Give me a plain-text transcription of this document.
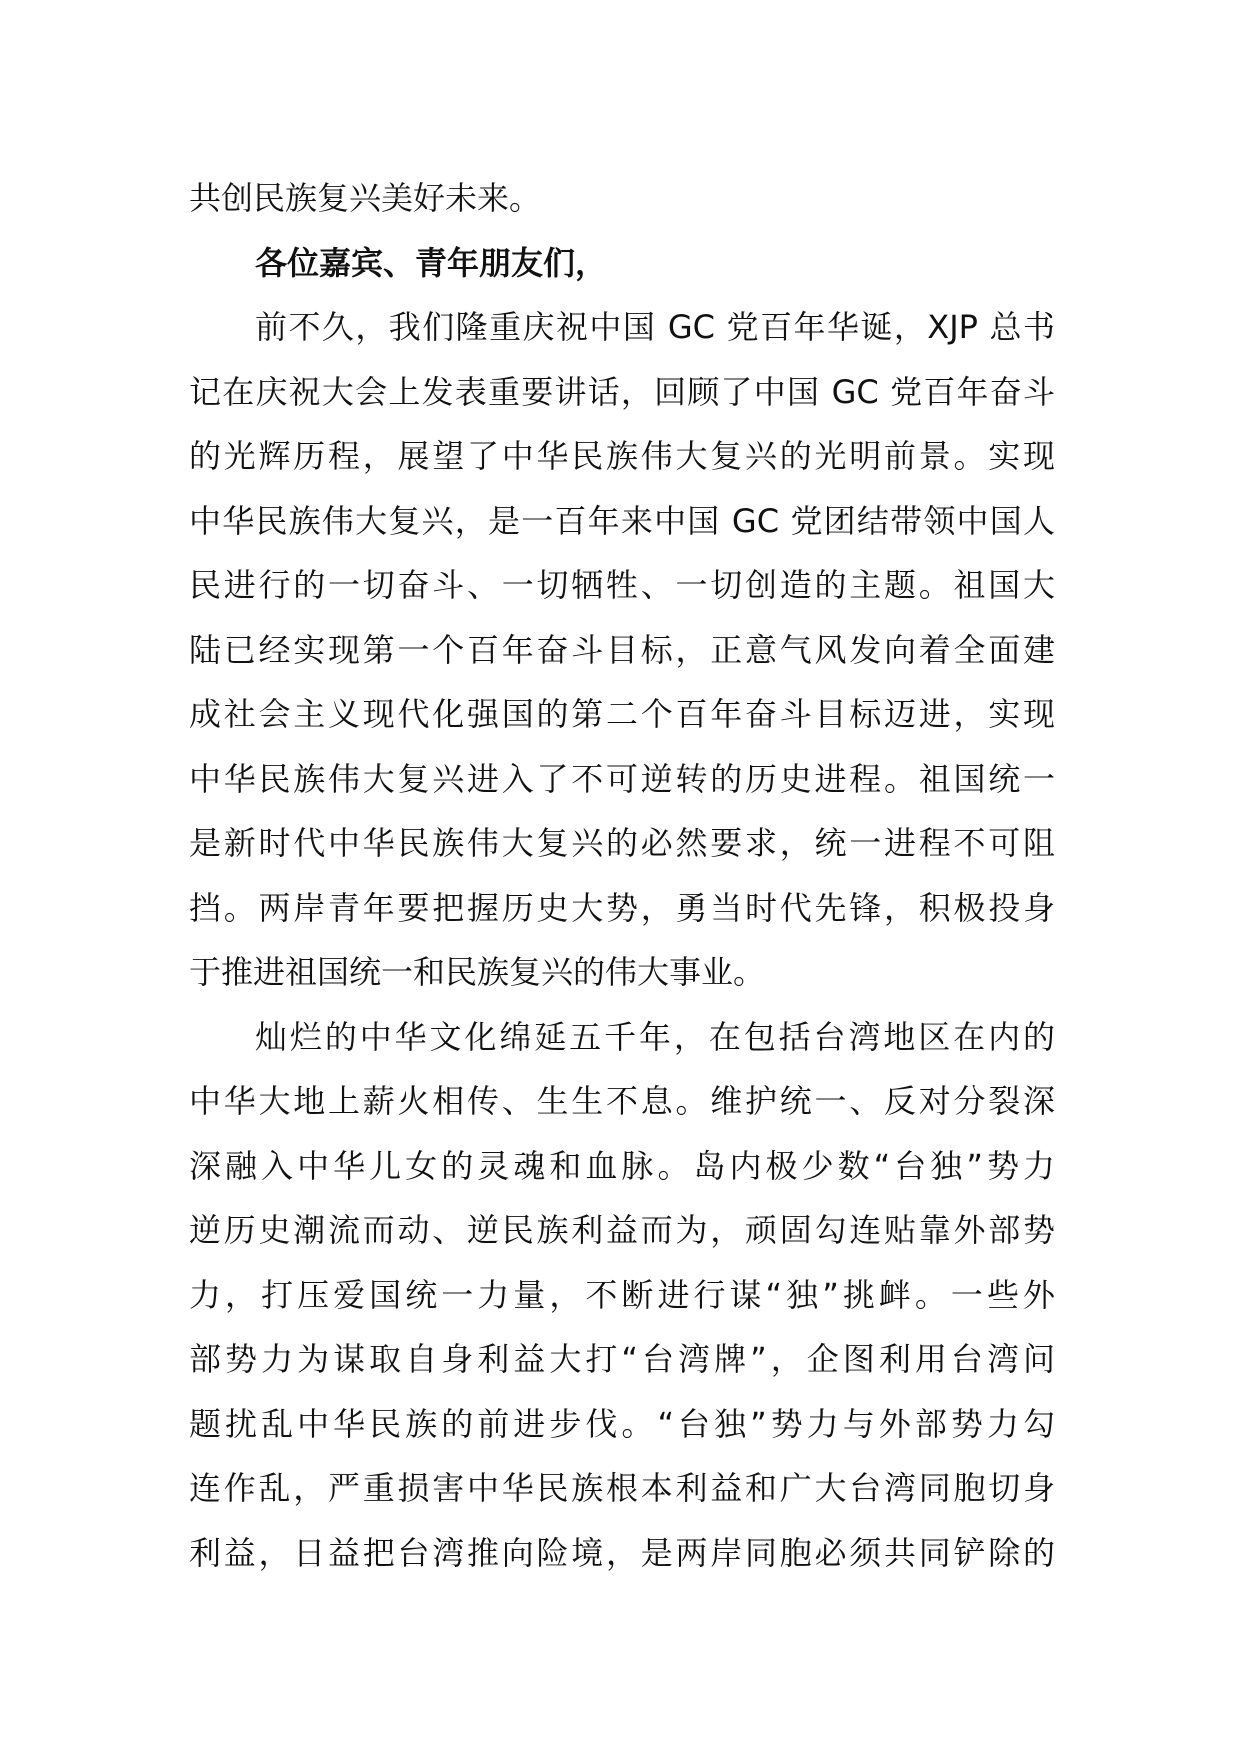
共创民族复兴美好未来。
各位嘉宾、青年朋友们，
前不久，我们隆重庆祝中国 GC 党百年华诞，XJP 总书
记在庆祝大会上发表重要讲话，回顾了中国 GC 党百年奋斗
的光辉历程，展望了中华民族伟大复兴的光明前景。实现
中华民族伟大复兴，是一百年来中国 GC 党团结带领中国人
民进行的一切奋斗、一切牺牲、一切创造的主题。祖国大
陆已经实现第一个百年奋斗目标，正意气风发向着全面建
成社会主义现代化强国的第二个百年奋斗目标迈进，实现
中华民族伟大复兴进入了不可逆转的历史进程。祖国统一
是新时代中华民族伟大复兴的必然要求，统一进程不可阻
挡。两岸青年要把握历史大势，勇当时代先锋，积极投身
于推进祖国统一和民族复兴的伟大事业。
灿烂的中华文化绵延五千年，在包括台湾地区在内的
中华大地上薪火相传、生生不息。维护统一、反对分裂深
深融入中华儿女的灵魂和血脉。岛内极少数“台独”势力
逆历史潮流而动、逆民族利益而为，顽固勾连贴靠外部势
力，打压爱国统一力量，不断进行谋“独”挑衅。一些外
部势力为谋取自身利益大打“台湾牌”，企图利用台湾问
题扰乱中华民族的前进步伐。“台独”势力与外部势力勾
连作乱，严重损害中华民族根本利益和广大台湾同胞切身
利益，日益把台湾推向险境，是两岸同胞必须共同铲除的
